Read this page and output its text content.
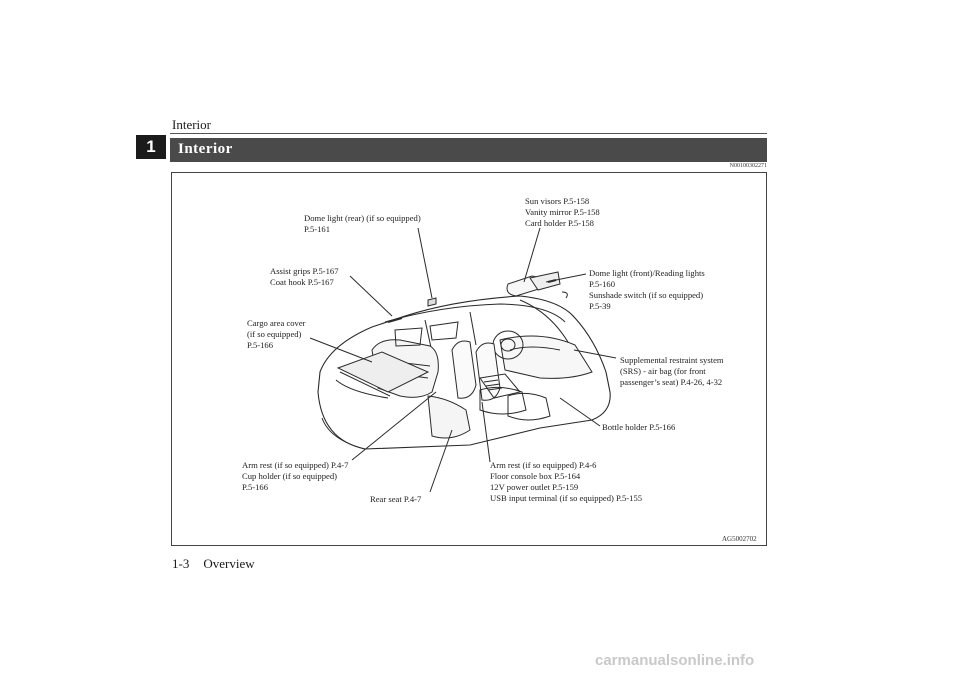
Interior
1	Interior
N00100302271
Dome light (rear) (if so equipped)
P.5-161
Sun visors P.5-158
Vanity mirror P.5-158
Card holder P.5-158
Assist grips P.5-167
Coat hook P.5-167
Dome light (front)/Reading lights
P.5-160
Sunshade switch (if so equipped)
P.5-39
Cargo area cover
(if so equipped)
P.5-166
Supplemental restraint system
(SRS) - air bag (for front
passenger’s seat) P.4-26, 4-32
Bottle holder P.5-166
Arm rest (if so equipped) P.4-7
Cup holder (if so equipped)
P.5-166
Arm rest (if so equipped) P.4-6
Floor console box P.5-164
12V power outlet P.5-159
USB input terminal (if so equipped) P.5-155
Rear seat P.4-7
AG5002702
1-3 Overview
carmanualsonline.info
